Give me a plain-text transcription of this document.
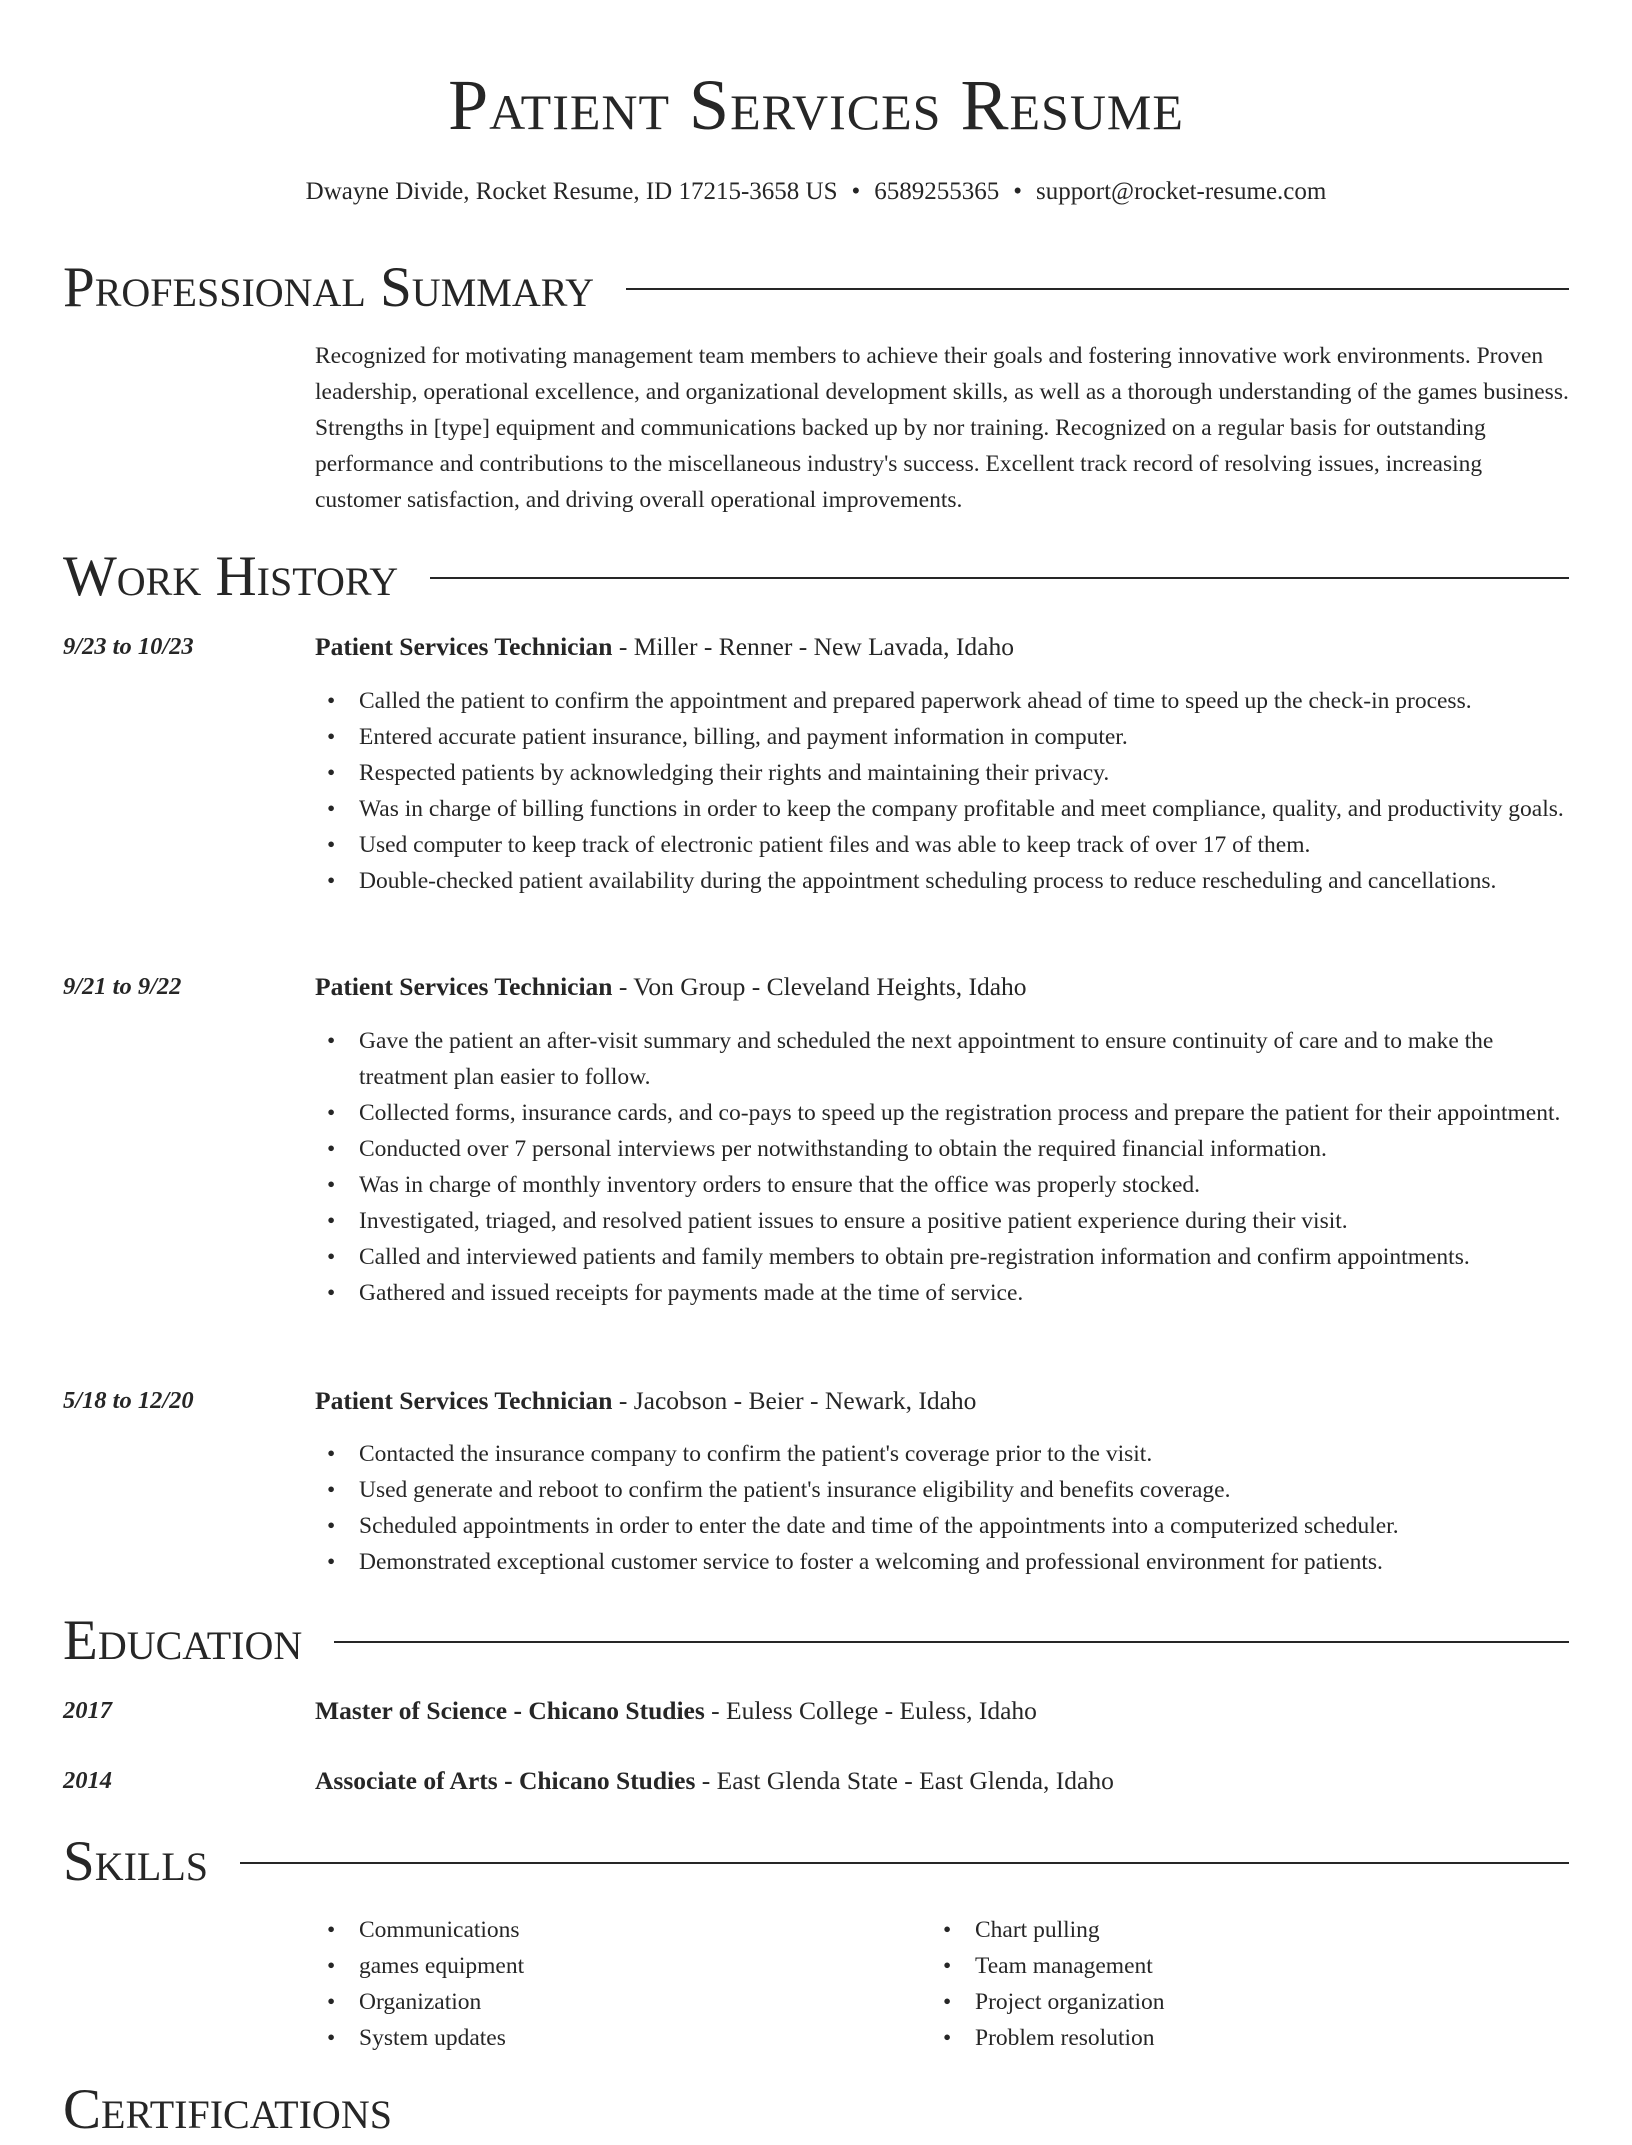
Patient Services Resume
Dwayne Divide, Rocket Resume, ID 17215-3658 US • 6589255365 • support@rocket-resume.com
Professional Summary

Recognized for motivating management team members to achieve their goals and fostering innovative work environments. Proven leadership, operational excellence, and organizational development skills, as well as a thorough understanding of the games business. Strengths in [type] equipment and communications backed up by nor training. Recognized on a regular basis for outstanding performance and contributions to the miscellaneous industry's success. Excellent track record of resolving issues, increasing customer satisfaction, and driving overall operational improvements.

Work History
9/23 to 10/23	Patient Services Technician - Miller - Renner - New Lavada, Idaho
• Called the patient to confirm the appointment and prepared paperwork ahead of time to speed up the check-in process.
• Entered accurate patient insurance, billing, and payment information in computer.
• Respected patients by acknowledging their rights and maintaining their privacy.
• Was in charge of billing functions in order to keep the company profitable and meet compliance, quality, and productivity goals.
• Used computer to keep track of electronic patient files and was able to keep track of over 17 of them.
• Double-checked patient availability during the appointment scheduling process to reduce rescheduling and cancellations.
9/21 to 9/22	Patient Services Technician - Von Group - Cleveland Heights, Idaho
• Gave the patient an after-visit summary and scheduled the next appointment to ensure continuity of care and to make the treatment plan easier to follow.
• Collected forms, insurance cards, and co-pays to speed up the registration process and prepare the patient for their appointment.
• Conducted over 7 personal interviews per notwithstanding to obtain the required financial information.
• Was in charge of monthly inventory orders to ensure that the office was properly stocked.
• Investigated, triaged, and resolved patient issues to ensure a positive patient experience during their visit.
• Called and interviewed patients and family members to obtain pre-registration information and confirm appointments.
• Gathered and issued receipts for payments made at the time of service.
5/18 to 12/20	Patient Services Technician - Jacobson - Beier - Newark, Idaho
• Contacted the insurance company to confirm the patient's coverage prior to the visit.
• Used generate and reboot to confirm the patient's insurance eligibility and benefits coverage.
• Scheduled appointments in order to enter the date and time of the appointments into a computerized scheduler.
• Demonstrated exceptional customer service to foster a welcoming and professional environment for patients.
Education
2017	Master of Science - Chicano Studies - Euless College - Euless, Idaho
2014	Associate of Arts - Chicano Studies - East Glenda State - East Glenda, Idaho
Skills
• Communications
• games equipment
• Organization
• System updates
• Chart pulling
• Team management
• Project organization
• Problem resolution
Certifications
